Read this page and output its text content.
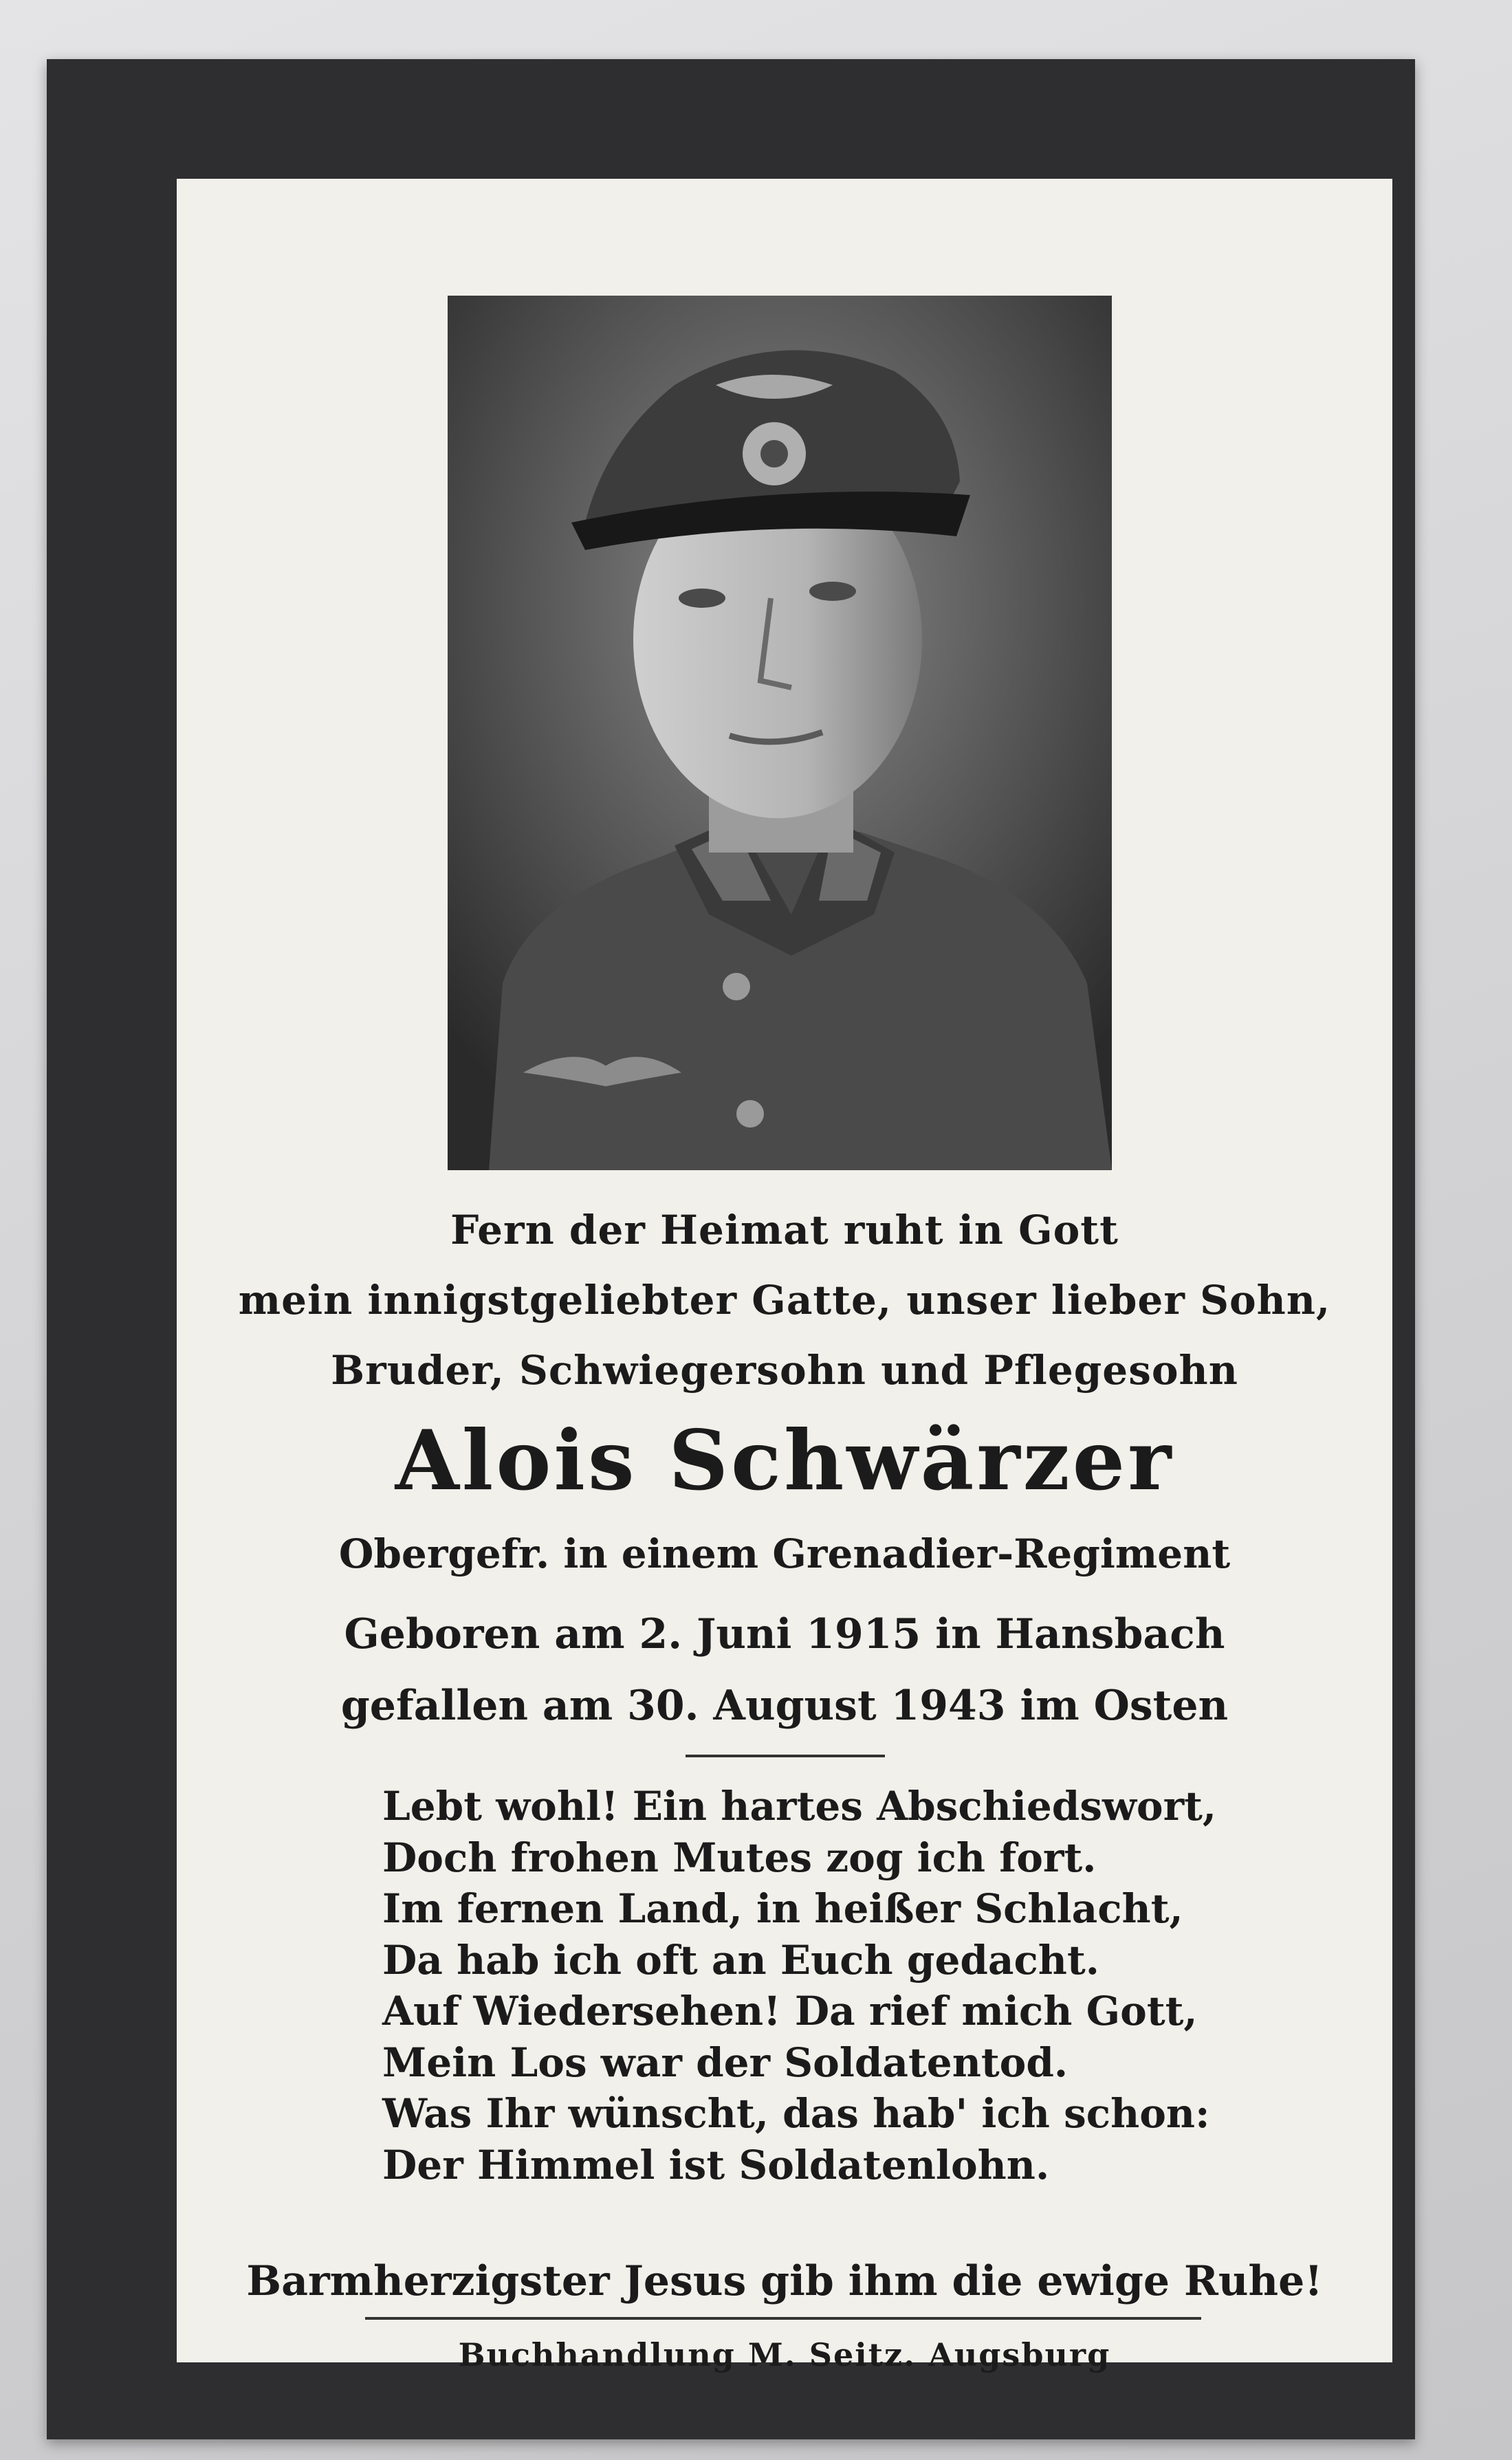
Fern der Heimat ruht in Gott
mein innigstgeliebter Gatte, unser lieber Sohn,
Bruder, Schwiegersohn und Pflegesohn
Alois Schwärzer
Obergefr. in einem Grenadier-Regiment
Geboren am 2. Juni 1915 in Hansbach
gefallen am 30. August 1943 im Osten
Lebt wohl! Ein hartes Abschiedswort,
Doch frohen Mutes zog ich fort.
Im fernen Land, in heißer Schlacht,
Da hab ich oft an Euch gedacht.
Auf Wiedersehen! Da rief mich Gott,
Mein Los war der Soldatentod.
Was Ihr wünscht, das hab' ich schon:
Der Himmel ist Soldatenlohn.
Barmherzigster Jesus gib ihm die ewige Ruhe!
Buchhandlung M. Seitz. Augsburg
